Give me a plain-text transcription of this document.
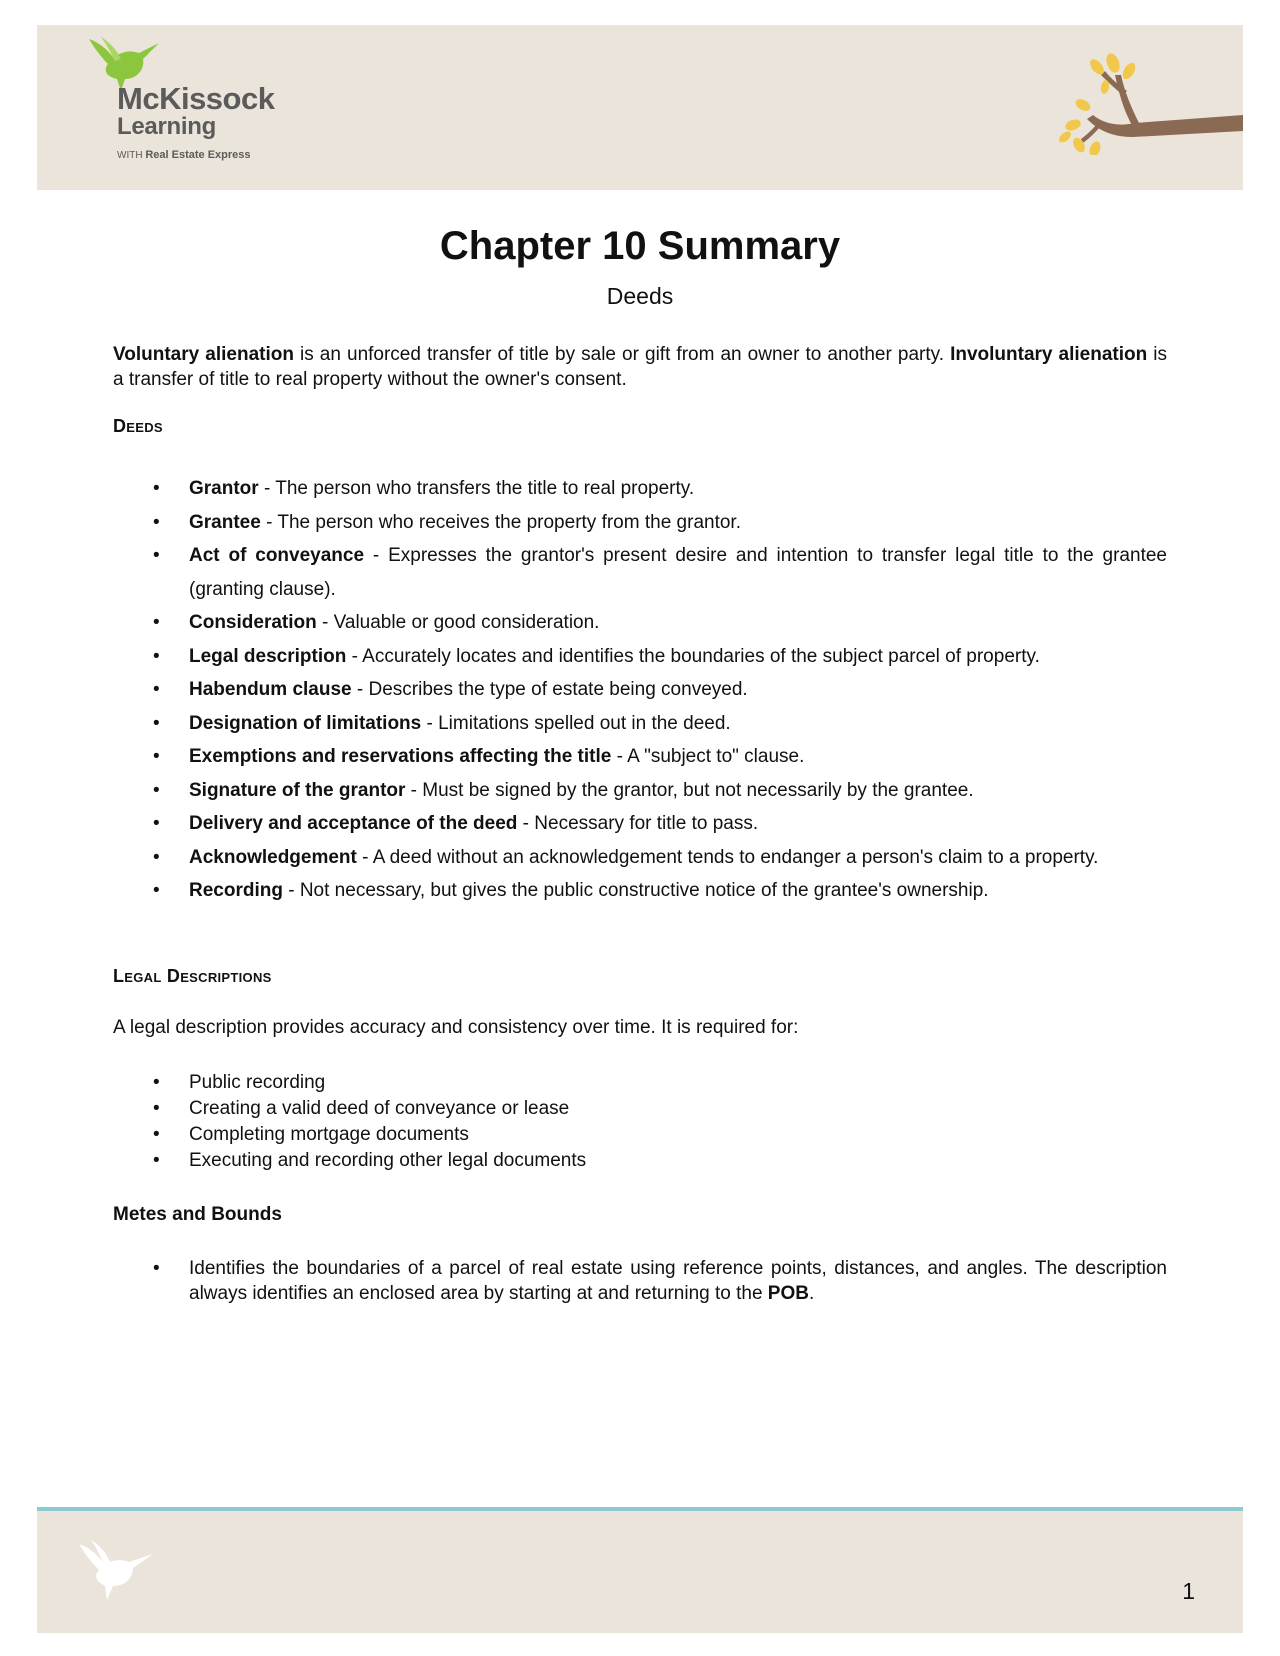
McKissock
Learning
WITH Real Estate Express
Chapter 10 Summary
Deeds

Voluntary alienation is an unforced transfer of title by sale or gift from an owner to another party. Involuntary alienation is a transfer of title to real property without the owner's consent.

Deeds
• Grantor - The person who transfers the title to real property.
• Grantee - The person who receives the property from the grantor.
• Act of conveyance - Expresses the grantor's present desire and intention to transfer legal title to the grantee (granting clause).
• Consideration - Valuable or good consideration.
• Legal description - Accurately locates and identifies the boundaries of the subject parcel of property.
• Habendum clause - Describes the type of estate being conveyed.
• Designation of limitations - Limitations spelled out in the deed.
• Exemptions and reservations affecting the title - A "subject to" clause.
• Signature of the grantor - Must be signed by the grantor, but not necessarily by the grantee.
• Delivery and acceptance of the deed - Necessary for title to pass.
• Acknowledgement - A deed without an acknowledgement tends to endanger a person's claim to a property.
• Recording - Not necessary, but gives the public constructive notice of the grantee's ownership.
Legal Descriptions

A legal description provides accuracy and consistency over time. It is required for:

• Public recording
• Creating a valid deed of conveyance or lease
• Completing mortgage documents
• Executing and recording other legal documents
Metes and Bounds
• Identifies the boundaries of a parcel of real estate using reference points, distances, and angles. The description always identifies an enclosed area by starting at and returning to the POB.
1
